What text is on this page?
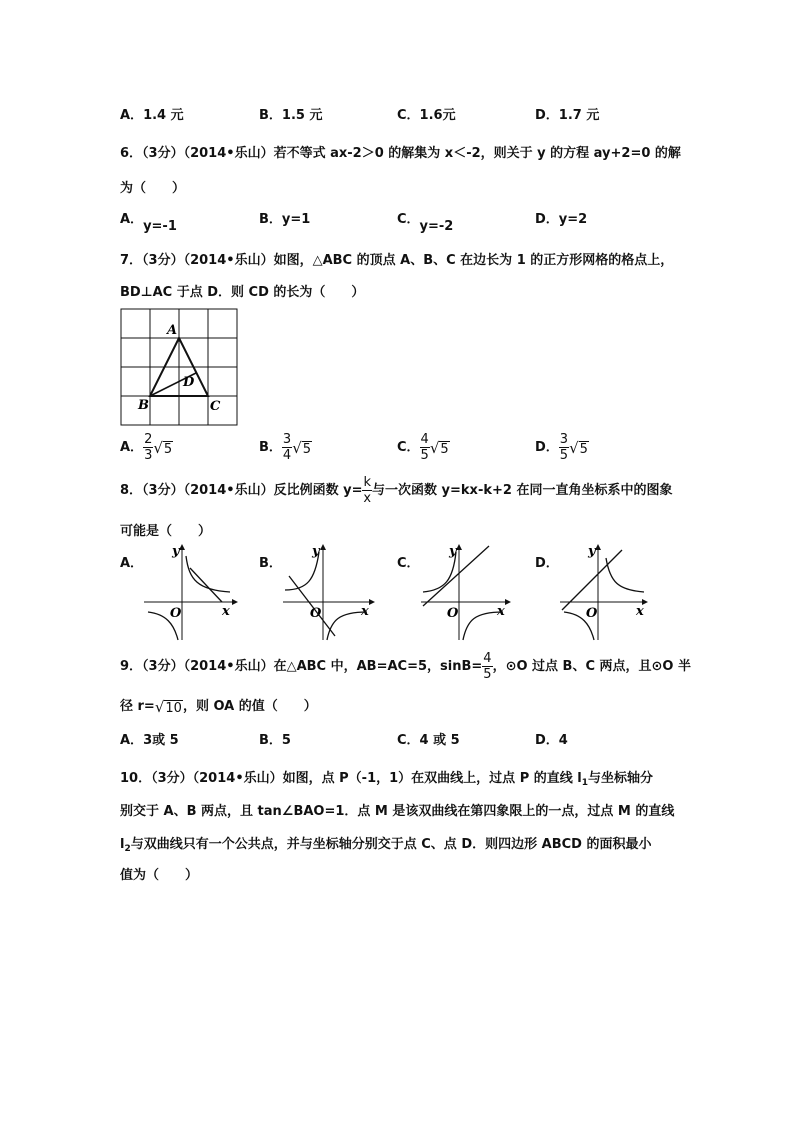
A．1.4 元	B．1.5 元	C．1.6元	D．1.7 元
6．（3分）（2014•乐山）若不等式 ax-2＞0 的解集为 x＜-2，则关于 y 的方程 ay+2=0 的解
为（　　）
A．y=-1	B．y=1	C．y=-2	D．y=2
7．（3分）（2014•乐山）如图，△ABC 的顶点 A、B、C 在边长为 1 的正方形网格的格点上，
BD⊥AC 于点 D．则 CD 的长为（　　）
A
B	C
D
A． $\frac{2}{3} √5$	B． $\frac{3}{4} √5$	C． $\frac{4}{5} √5$	D． $\frac{3}{5} √5$
8．（3分）（2014•乐山）反比例函数 $y= \frac{k}{x}$ 与一次函数 y=kx-k+2 在同一直角坐标系中的图象
可能是（　　）
A．	B．	C．	D．
x
y
O	x
y
O	x
y
O	x
y
O
9．（3分）（2014•乐山）在△ABC 中，AB=AC=5，$\sin B= \frac{4}{5}$ ，⊙O 过点 B、C 两点，且⊙O 半
径 r=√10，则 OA 的值（　　）
A．3或 5	B．5	C．4 或 5	D．4
10．（3分）（2014•乐山）如图，点 P（-1，1）在双曲线上，过点 P 的直线 $l_1$与坐标轴分
别交于 A、B 两点，且 tan∠BAO=1．点 M 是该双曲线在第四象限上的一点，过点 M 的直线
$l_2$与双曲线只有一个公共点，并与坐标轴分别交于点 C、点 D．则四边形 ABCD 的面积最小
值为（　　）
